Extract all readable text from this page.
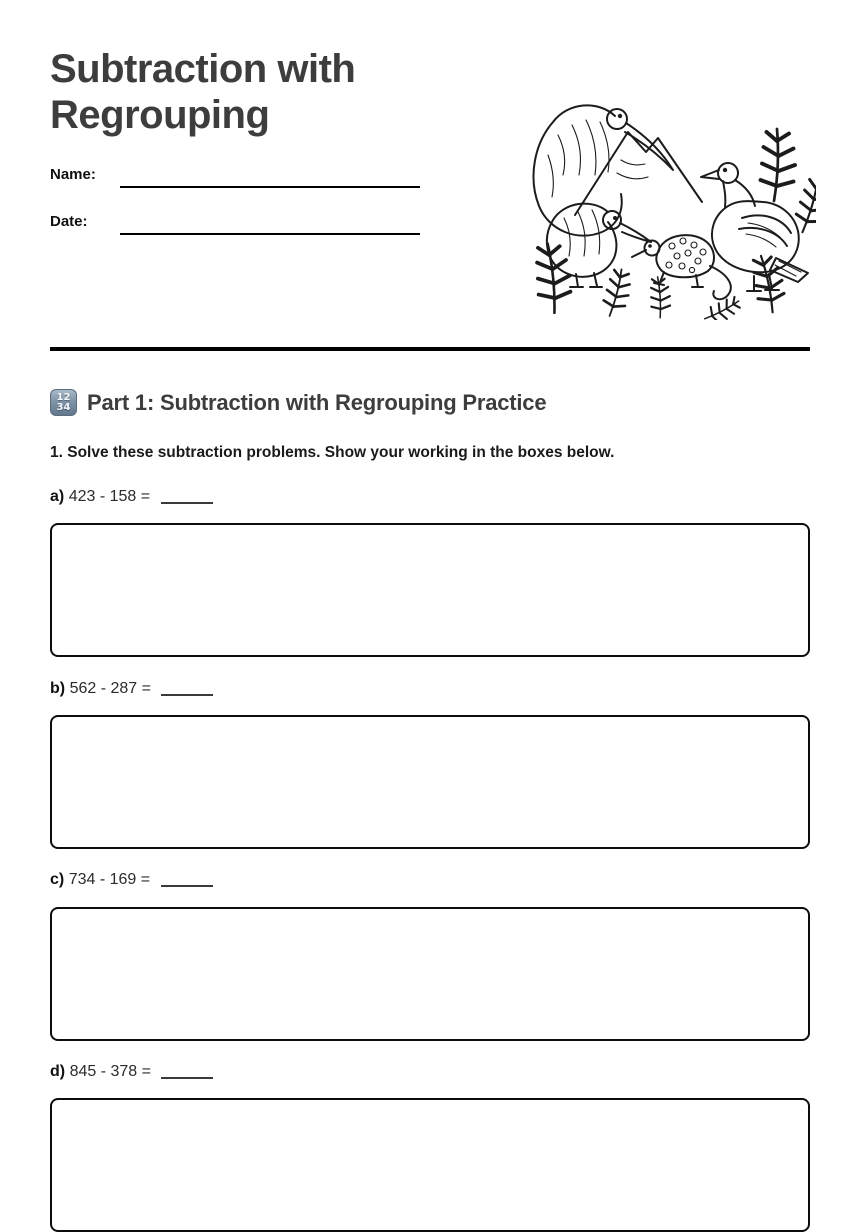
Subtraction with Regrouping
Name:
Date:
12
34 Part 1: Subtraction with Regrouping Practice
1. Solve these subtraction problems. Show your working in the boxes below.
a) 423 - 158 =
b) 562 - 287 =
c) 734 - 169 =
d) 845 - 378 =
